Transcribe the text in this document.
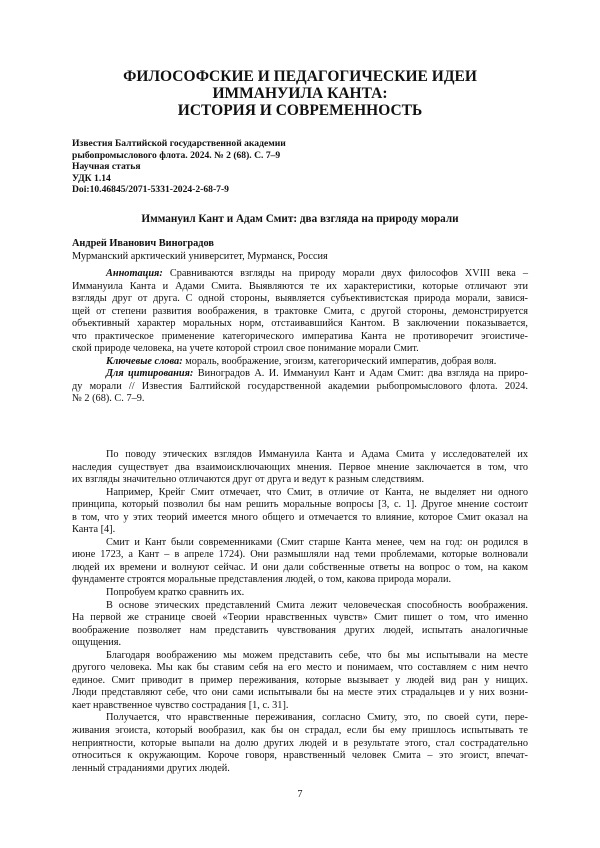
ФИЛОСОФСКИЕ И ПЕДАГОГИЧЕСКИЕ ИДЕИ
ИММАНУИЛА КАНТА:
ИСТОРИЯ И СОВРЕМЕННОСТЬ
Известия Балтийской государственной академии
рыбопромыслового флота. 2024. № 2 (68). С. 7–9
Научная статья
УДК 1.14
Doi:10.46845/2071-5331-2024-2-68-7-9
Иммануил Кант и Адам Смит: два взгляда на природу морали
Андрей Иванович Виноградов
Мурманский арктический университет, Мурманск, Россия
Аннотация: Сравниваются взгляды на природу морали двух философов XVIII века –
Иммануила Канта и Адами Смита. Выявляются те их характеристики, которые отличают эти
взгляды друг от друга. С одной стороны, выявляется субъективистская природа морали, завися-
щей от степени развития воображения, в трактовке Смита, с другой стороны, демонстрируется
объективный характер моральных норм, отстаивавшийся Кантом. В заключении показывается,
что практическое применение категорического императива Канта не противоречит эгоистиче-
ской природе человека, на учете которой строил свое понимание морали Смит.
Ключевые слова: мораль, воображение, эгоизм, категорический императив, добрая воля.
Для цитирования: Виноградов А. И. Иммануил Кант и Адам Смит: два взгляда на приро-
ду морали // Известия Балтийской государственной академии рыбопромыслового флота. 2024.
№ 2 (68). С. 7–9.
По поводу этических взглядов Иммануила Канта и Адама Смита у исследователей их
наследия существует два взаимоисключающих мнения. Первое мнение заключается в том, что
их взгляды значительно отличаются друг от друга и ведут к разным следствиям.
Например, Крейг Смит отмечает, что Смит, в отличие от Канта, не выделяет ни одного
принципа, который позволил бы нам решить моральные вопросы [3, с. 1]. Другое мнение состоит
в том, что у этих теорий имеется много общего и отмечается то влияние, которое Смит оказал на
Канта [4].
Смит и Кант были современниками (Смит старше Канта менее, чем на год: он родился в
июне 1723, а Кант – в апреле 1724). Они размышляли над теми проблемами, которые волновали
людей их времени и волнуют сейчас. И они дали собственные ответы на вопрос о том, на каком
фундаменте строятся моральные представления людей, о том, какова природа морали.
Попробуем кратко сравнить их.
В основе этических представлений Смита лежит человеческая способность воображения.
На первой же странице своей «Теории нравственных чувств» Смит пишет о том, что именно
воображение позволяет нам представить чувствования других людей, испытать аналогичные
ощущения.
Благодаря воображению мы можем представить себе, что бы мы испытывали на месте
другого человека. Мы как бы ставим себя на его место и понимаем, что составляем с ним нечто
единое. Смит приводит в пример переживания, которые вызывает у людей вид ран у нищих.
Люди представляют себе, что они сами испытывали бы на месте этих страдальцев и у них возни-
кает нравственное чувство сострадания [1, с. 31].
Получается, что нравственные переживания, согласно Смиту, это, по своей сути, пере-
живания эгоиста, который вообразил, как бы он страдал, если бы ему пришлось испытывать те
неприятности, которые выпали на долю других людей и в результате этого, стал сострадательно
относиться к окружающим. Короче говоря, нравственный человек Смита – это эгоист, впечат-
ленный страданиями других людей.
7
